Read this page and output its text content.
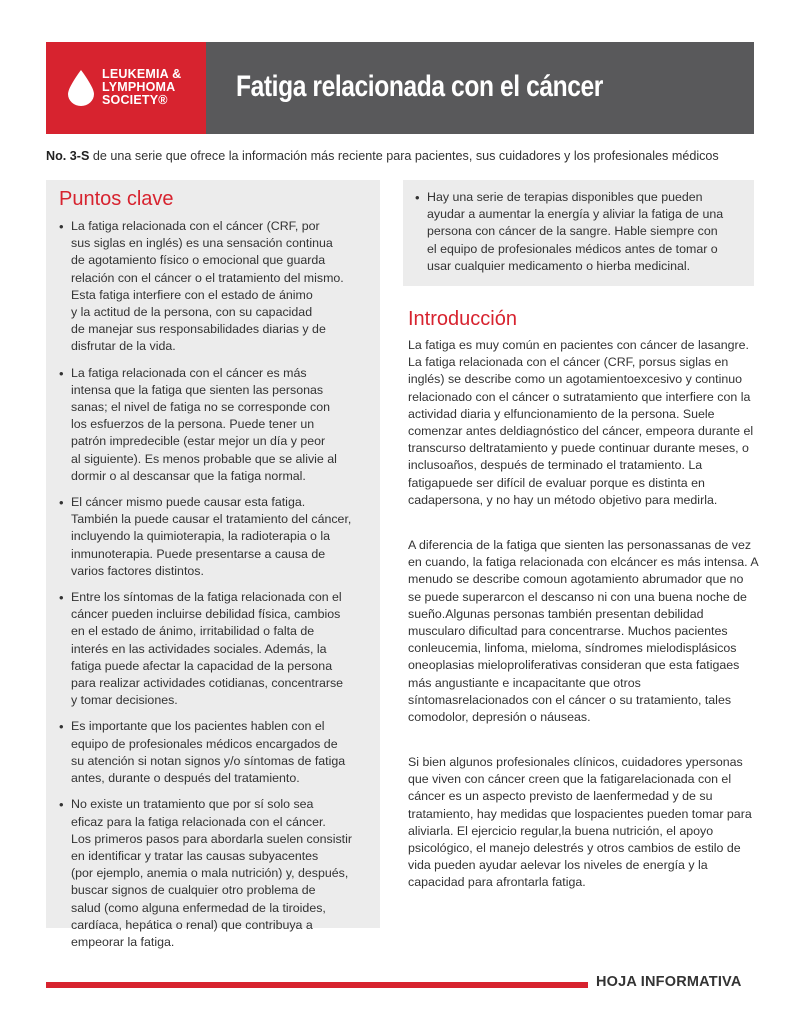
LEUKEMIA &
LYMPHOMA
SOCIETY®	Fatiga relacionada con el cáncer
No. 3-S de una serie que ofrece la información más reciente para pacientes, sus cuidadores y los profesionales médicos
Puntos clave
• La fatiga relacionada con el cáncer (CRF, por
sus siglas en inglés) es una sensación continua
de agotamiento físico o emocional que guarda
relación con el cáncer o el tratamiento del mismo.
Esta fatiga interfiere con el estado de ánimo
y la actitud de la persona, con su capacidad
de manejar sus responsabilidades diarias y de
disfrutar de la vida.
• La fatiga relacionada con el cáncer es más
intensa que la fatiga que sienten las personas
sanas; el nivel de fatiga no se corresponde con
los esfuerzos de la persona. Puede tener un
patrón impredecible (estar mejor un día y peor
al siguiente). Es menos probable que se alivie al
dormir o al descansar que la fatiga normal.
• El cáncer mismo puede causar esta fatiga.
También la puede causar el tratamiento del cáncer,
incluyendo la quimioterapia, la radioterapia o la
inmunoterapia. Puede presentarse a causa de
varios factores distintos.
• Entre los síntomas de la fatiga relacionada con el
cáncer pueden incluirse debilidad física, cambios
en el estado de ánimo, irritabilidad o falta de
interés en las actividades sociales. Además, la
fatiga puede afectar la capacidad de la persona
para realizar actividades cotidianas, concentrarse
y tomar decisiones.
• Es importante que los pacientes hablen con el
equipo de profesionales médicos encargados de
su atención si notan signos y/o síntomas de fatiga
antes, durante o después del tratamiento.
• No existe un tratamiento que por sí solo sea
eficaz para la fatiga relacionada con el cáncer.
Los primeros pasos para abordarla suelen consistir
en identificar y tratar las causas subyacentes
(por ejemplo, anemia o mala nutrición) y, después,
buscar signos de cualquier otro problema de
salud (como alguna enfermedad de la tiroides,
cardíaca, hepática o renal) que contribuya a
empeorar la fatiga.
• Hay una serie de terapias disponibles que pueden
ayudar a aumentar la energía y aliviar la fatiga de una
persona con cáncer de la sangre. Hable siempre con
el equipo de profesionales médicos antes de tomar o
usar cualquier medicamento o hierba medicinal.
Introducción
La fatiga es muy común en pacientes con cáncer de lasangre. La fatiga relacionada con el cáncer (CRF, porsus siglas en inglés) se describe como un agotamientoexcesivo y continuo relacionado con el cáncer o sutratamiento que interfiere con la actividad diaria y elfuncionamiento de la persona. Suele comenzar antes deldiagnóstico del cáncer, empeora durante el transcurso deltratamiento y puede continuar durante meses, o inclusoaños, después de terminado el tratamiento. La fatigapuede ser difícil de evaluar porque es distinta en cadapersona, y no hay un método objetivo para medirla.
A diferencia de la fatiga que sienten las personassanas de vez en cuando, la fatiga relacionada con elcáncer es más intensa. A menudo se describe comoun agotamiento abrumador que no se puede superarcon el descanso ni con una buena noche de sueño.Algunas personas también presentan debilidad muscularo dificultad para concentrarse. Muchos pacientes conleucemia, linfoma, mieloma, síndromes mielodisplásicos oneoplasias mieloproliferativas consideran que esta fatigaes más angustiante e incapacitante que otros síntomasrelacionados con el cáncer o su tratamiento, tales comodolor, depresión o náuseas.
Si bien algunos profesionales clínicos, cuidadores ypersonas que viven con cáncer creen que la fatigarelacionada con el cáncer es un aspecto previsto de laenfermedad y de su tratamiento, hay medidas que lospacientes pueden tomar para aliviarla. El ejercicio regular,la buena nutrición, el apoyo psicológico, el manejo delestrés y otros cambios de estilo de vida pueden ayudar aelevar los niveles de energía y la capacidad para afrontarla fatiga.
HOJA INFORMATIVA
